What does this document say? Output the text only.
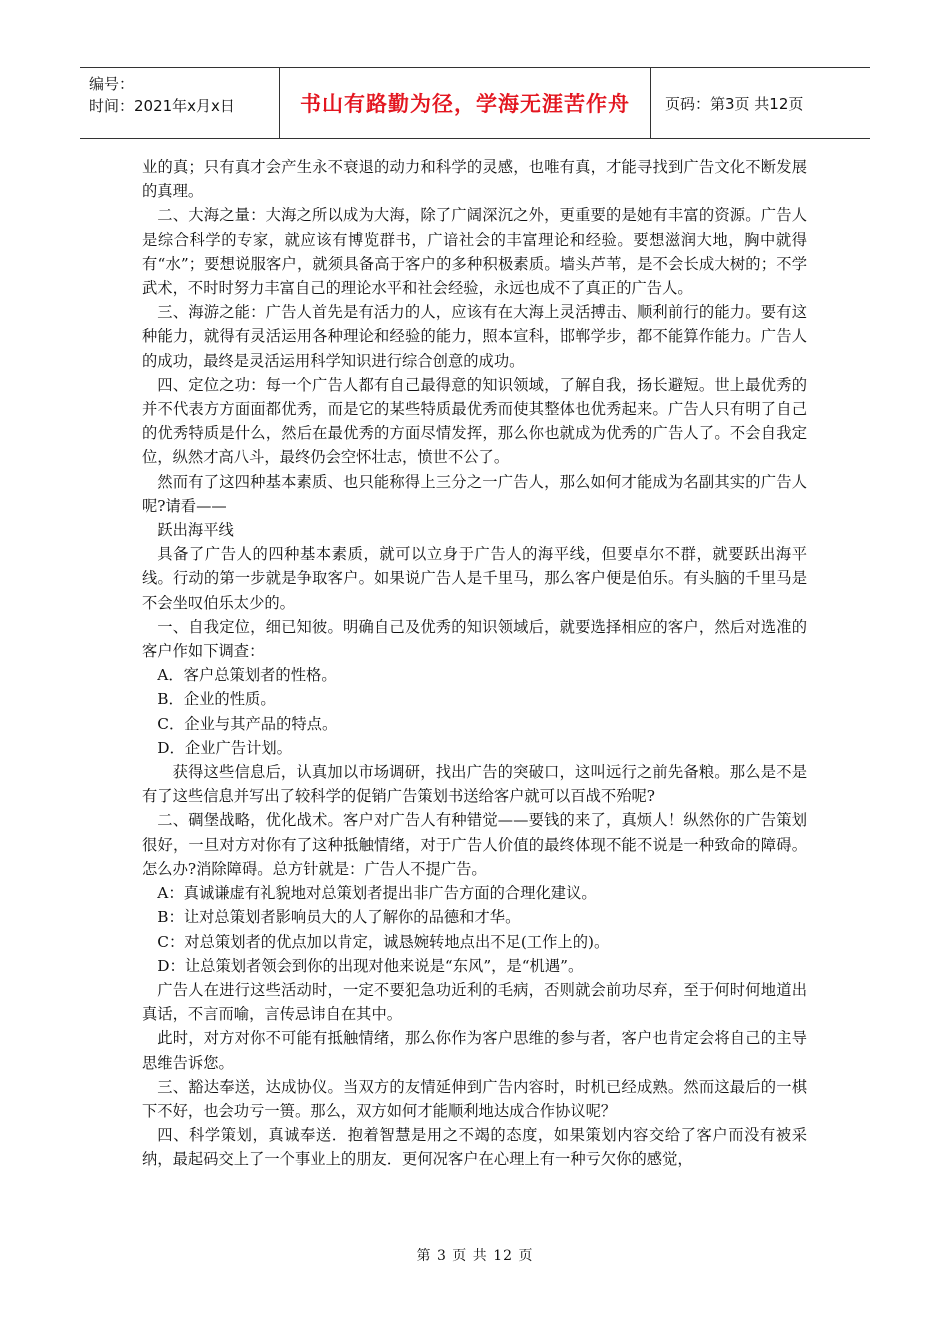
编号：
时间：2021年x月x日	书山有路勤为径，学海无涯苦作舟	页码：第3页 共12页

业的真；只有真才会产生永不衰退的动力和科学的灵感，也唯有真，才能寻找到广告文化不断发展的真理。

二、大海之量：大海之所以成为大海，除了广阔深沉之外，更重要的是她有丰富的资源。广告人是综合科学的专家，就应该有博览群书，广谙社会的丰富理论和经验。要想滋润大地，胸中就得有“水”；要想说服客户，就须具备高于客户的多种积极素质。墙头芦苇，是不会长成大树的；不学武术，不时时努力丰富自己的理论水平和社会经验，永远也成不了真正的广告人。

三、海游之能：广告人首先是有活力的人，应该有在大海上灵活搏击、顺利前行的能力。要有这种能力，就得有灵活运用各种理论和经验的能力，照本宣科，邯郸学步，都不能算作能力。广告人的成功，最终是灵活运用科学知识进行综合创意的成功。

四、定位之功：每一个广告人都有自己最得意的知识领域，了解自我，扬长避短。世上最优秀的并不代表方方面面都优秀，而是它的某些特质最优秀而使其整体也优秀起来。广告人只有明了自己的优秀特质是什么，然后在最优秀的方面尽情发挥，那么你也就成为优秀的广告人了。不会自我定位，纵然才高八斗，最终仍会空怀壮志，愤世不公了。

然而有了这四种基本素质、也只能称得上三分之一广告人，那么如何才能成为名副其实的广告人呢?请看——

跃出海平线

具备了广告人的四种基本素质，就可以立身于广告人的海平线，但要卓尔不群，就要跃出海平线。行动的第一步就是争取客户。如果说广告人是千里马，那么客户便是伯乐。有头脑的千里马是不会坐叹伯乐太少的。

一、自我定位，细已知彼。明确自己及优秀的知识领域后，就要选择相应的客户，然后对选准的客户作如下调查：

A．客户总策划者的性格。

B．企业的性质。

C．企业与其产品的特点。

D．企业广告计划。

获得这些信息后，认真加以市场调研，找出广告的突破口，这叫远行之前先备粮。那么是不是有了这些信息并写出了较科学的促销广告策划书送给客户就可以百战不殆呢?

二、碉堡战略，优化战术。客户对广告人有种错觉——要钱的来了，真烦人！纵然你的广告策划很好，一旦对方对你有了这种抵触情绪，对于广告人价值的最终体现不能不说是一种致命的障碍。怎么办?消除障碍。总方针就是：广告人不提广告。

A：真诚谦虚有礼貌地对总策划者提出非广告方面的合理化建议。

B：让对总策划者影响员大的人了解你的品德和才华。

C：对总策划者的优点加以肯定，诚恳婉转地点出不足(工作上的)。

D：让总策划者领会到你的出现对他来说是“东风”，是“机遇”。

广告人在进行这些活动时，一定不要犯急功近利的毛病，否则就会前功尽弃，至于何时何地道出真话，不言而喻，言传忌讳自在其中。

此时，对方对你不可能有抵触情绪，那么你作为客户思维的参与者，客户也肯定会将自己的主导思维告诉您。

三、豁达奉送，达成协仪。当双方的友情延伸到广告内容时，时机已经成熟。然而这最后的一棋下不好，也会功亏一篑。那么，双方如何才能顺利地达成合作协议呢？

四、科学策划，真诚奉送．抱着智慧是用之不竭的态度，如果策划内容交给了客户而没有被采纳，最起码交上了一个事业上的朋友．更何况客户在心理上有一种亏欠你的感觉，

第 3 页 共 12 页
